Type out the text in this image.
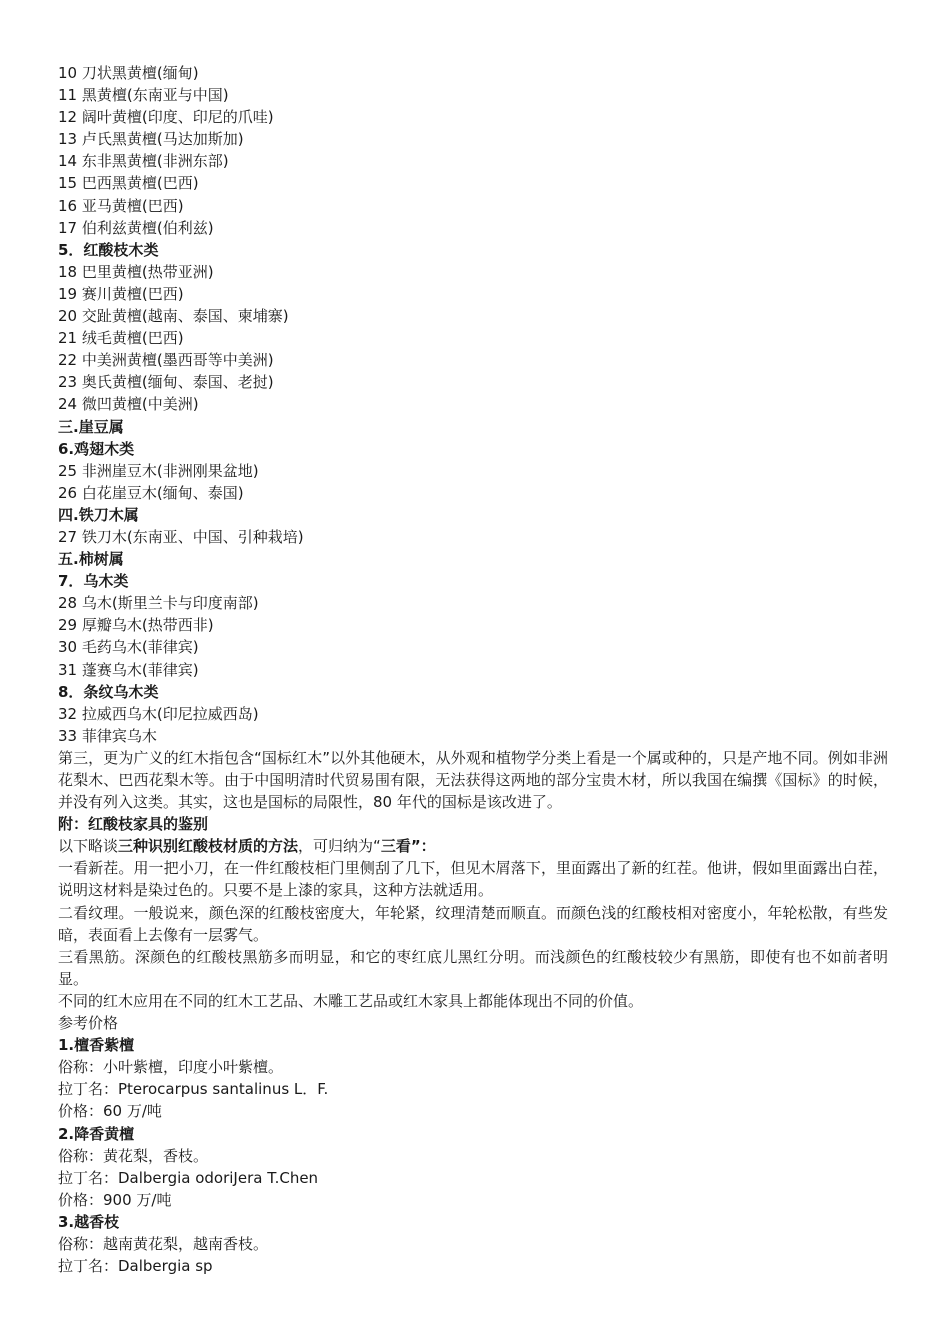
10 刀状黑黄檀(缅甸)
11 黑黄檀(东南亚与中国)
12 阔叶黄檀(印度、印尼的爪哇)
13 卢氏黑黄檀(马达加斯加)
14 东非黑黄檀(非洲东部)
15 巴西黑黄檀(巴西)
16 亚马黄檀(巴西)
17 伯利兹黄檀(伯利兹)
5．红酸枝木类
18 巴里黄檀(热带亚洲)
19 赛川黄檀(巴西)
20 交趾黄檀(越南、泰国、柬埔寨)
21 绒毛黄檀(巴西)
22 中美洲黄檀(墨西哥等中美洲)
23 奥氏黄檀(缅甸、泰国、老挝)
24 微凹黄檀(中美洲)
三.崖豆属
6.鸡翅木类
25 非洲崖豆木(非洲刚果盆地)
26 白花崖豆木(缅甸、泰国)
四.铁刀木属
27 铁刀木(东南亚、中国、引种栽培)
五.柿树属
7．乌木类
28 乌木(斯里兰卡与印度南部)
29 厚瓣乌木(热带西非)
30 毛药乌木(菲律宾)
31 蓬赛乌木(菲律宾)
8．条纹乌木类
32 拉威西乌木(印尼拉威西岛)
33 菲律宾乌木
第三，更为广义的红木指包含“国标红木”以外其他硬木，从外观和植物学分类上看是一个属或种的，只是产地不同。例如非洲花梨木、巴西花梨木等。由于中国明清时代贸易围有限，无法获得这两地的部分宝贵木材，所以我国在编撰《国标》的时候，并没有列入这类。其实，这也是国标的局限性，80 年代的国标是该改进了。
附：红酸枝家具的鉴别
以下略谈三种识别红酸枝材质的方法，可归纳为“三看”：
一看新茬。用一把小刀，在一件红酸枝柜门里侧刮了几下，但见木屑落下，里面露出了新的红茬。他讲，假如里面露出白茬，说明这材料是染过色的。只要不是上漆的家具，这种方法就适用。
二看纹理。一般说来，颜色深的红酸枝密度大，年轮紧，纹理清楚而顺直。而颜色浅的红酸枝相对密度小，年轮松散，有些发暗，表面看上去像有一层雾气。
三看黑筋。深颜色的红酸枝黑筋多而明显，和它的枣红底儿黑红分明。而浅颜色的红酸枝较少有黑筋，即使有也不如前者明显。
不同的红木应用在不同的红木工艺品、木雕工艺品或红木家具上都能体现出不同的价值。
参考价格
1.檀香紫檀
俗称：小叶紫檀，印度小叶紫檀。
拉丁名：Pterocarpus santalinus L．F.
价格：60 万/吨
2.降香黄檀
俗称：黄花梨，香枝。
拉丁名：Dalbergia odoriJera T.Chen
价格：900 万/吨
3.越香枝
俗称：越南黄花梨，越南香枝。
拉丁名：Dalbergia sp
